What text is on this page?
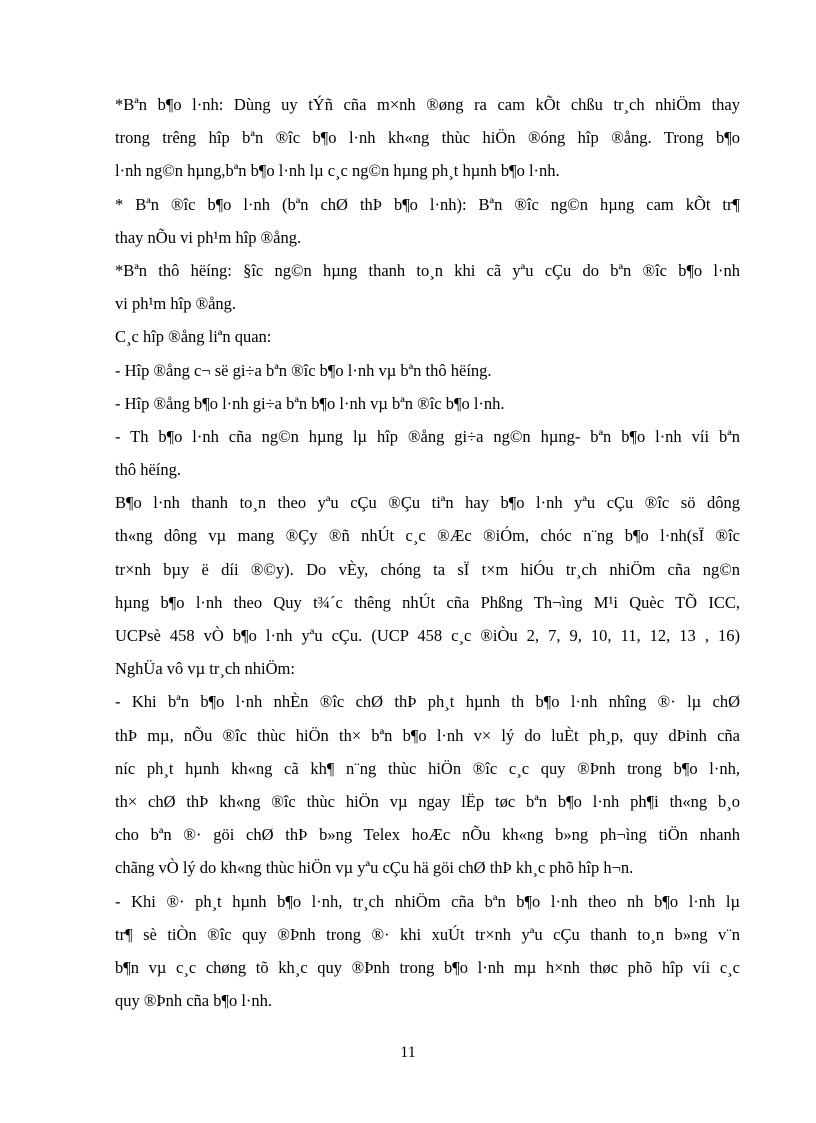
*Bªn b¶o l·nh: Dùng uy tÝñ cña m×nh ®øng ra cam kÕt chßu tr¸ch nhiÖm thay
trong trêng hîp bªn ®îc b¶o l·nh kh«ng thùc hiÖn ®óng hîp ®ång. Trong b¶o
l·nh ng©n hµng,bªn b¶o l·nh lµ c¸c ng©n hµng ph¸t hµnh b¶o l·nh.
* Bªn ®îc b¶o l·nh (bªn chØ thÞ b¶o l·nh): Bªn ®îc ng©n hµng cam kÕt tr¶
thay nÕu vi ph¹m hîp ®ång.
*Bªn thô hëíng: §îc ng©n hµng thanh to¸n khi cã yªu cÇu do bªn ®îc b¶o l·nh
vi ph¹m hîp ®ång.
C¸c hîp ®ång liªn quan:
- Hîp ®ång c¬ së gi÷a bªn ®îc b¶o l·nh vµ bªn thô hëíng.
- Hîp ®ång b¶o l·nh gi÷a bªn b¶o l·nh vµ bªn ®îc b¶o l·nh.
- Th b¶o l·nh cña ng©n hµng lµ hîp ®ång gi÷a ng©n hµng- bªn b¶o l·nh víi bªn
thô hëíng.
B¶o l·nh thanh to¸n theo yªu cÇu ®Çu tiªn hay b¶o l·nh yªu cÇu ®îc sö dông
th«ng dông vµ mang ®Çy ®ñ nhÚt c¸c ®Æc ®iÓm, chóc n¨ng b¶o l·nh(sÏ ®îc
tr×nh bµy ë díi ®©y). Do vÈy, chóng ta sÏ t×m hiÓu tr¸ch nhiÖm cña ng©n
hµng b¶o l·nh theo Quy t¾´c thêng nhÚt cña Phßng Th¬ìng M¹i Quèc TÕ ICC,
UCPsè 458 vÒ b¶o l·nh yªu cÇu. (UCP 458 c¸c ®iÒu 2, 7, 9, 10, 11, 12, 13 , 16)
NghÜa vô vµ tr¸ch nhiÖm:
- Khi bªn b¶o l·nh nhÈn ®îc chØ thÞ ph¸t hµnh th b¶o l·nh nhîng ®· lµ chØ
thÞ mµ, nÕu ®îc thùc hiÖn th× bªn b¶o l·nh v× lý do luÈt ph¸p, quy dÞinh cña
níc ph¸t hµnh kh«ng cã kh¶ n¨ng thùc hiÖn ®îc c¸c quy ®Þnh trong b¶o l·nh,
th× chØ thÞ kh«ng ®îc thùc hiÖn vµ ngay lËp tøc bªn b¶o l·nh ph¶i th«ng b¸o
cho bªn ®· göi chØ thÞ b»ng Telex hoÆc nÕu kh«ng b»ng ph¬ìng tiÖn nhanh
chãng vÒ lý do kh«ng thùc hiÖn vµ yªu cÇu hä göi chØ thÞ kh¸c phõ hîp h¬n.
- Khi ®· ph¸t hµnh b¶o l·nh, tr¸ch nhiÖm cña bªn b¶o l·nh theo nh b¶o l·nh lµ
tr¶ sè tiÒn ®îc quy ®Þnh trong ®· khi xuÚt tr×nh yªu cÇu thanh to¸n b»ng v¨n
b¶n vµ c¸c chøng tõ kh¸c quy ®Þnh trong b¶o l·nh mµ h×nh thøc phõ hîp víi c¸c
quy ®Þnh cña b¶o l·nh.
11
